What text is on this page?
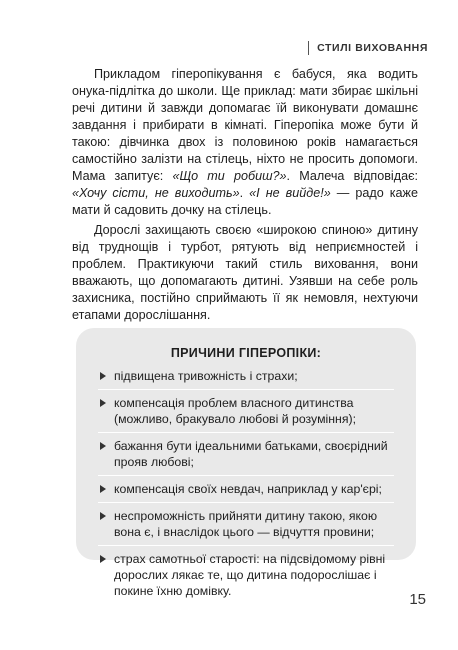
СТИЛІ ВИХОВАННЯ

Прикладом гіперопікування є бабуся, яка водить онука-підлітка до школи. Ще приклад: мати збирає шкільні речі дитини й завжди допомагає їй виконувати домашнє завдання і прибирати в кімнаті. Гіперопіка може бути й такою: дівчинка двох із половиною років намагається самостійно залізти на стілець, ніхто не просить допомоги. Мама запитує: «Що ти робиш?». Малеча відповідає: «Хочу сісти, не виходить». «І не вийде!» — радо каже мати й садовить дочку на стілець.

Дорослі захищають своєю «широкою спиною» дитину від труднощів і турбот, рятують від неприємностей і проблем. Практикуючи такий стиль виховання, вони вважають, що допомагають дитині. Узявши на себе роль захисника, постійно сприймають її як немовля, нехтуючи етапами дорослішання.

ПРИЧИНИ ГІПЕРОПІКИ:
підвищена тривожність і страхи;
компенсація проблем власного дитинства (можливо, бракувало любові й розуміння);
бажання бути ідеальними батьками, своєрідний прояв любові;
компенсація своїх невдач, наприклад у кар'єрі;
неспроможність прийняти дитину такою, якою вона є, і внаслідок цього — відчуття провини;
страх самотньої старості: на підсвідомому рівні дорослих лякає те, що дитина подорослішає і покине їхню домівку.	15
